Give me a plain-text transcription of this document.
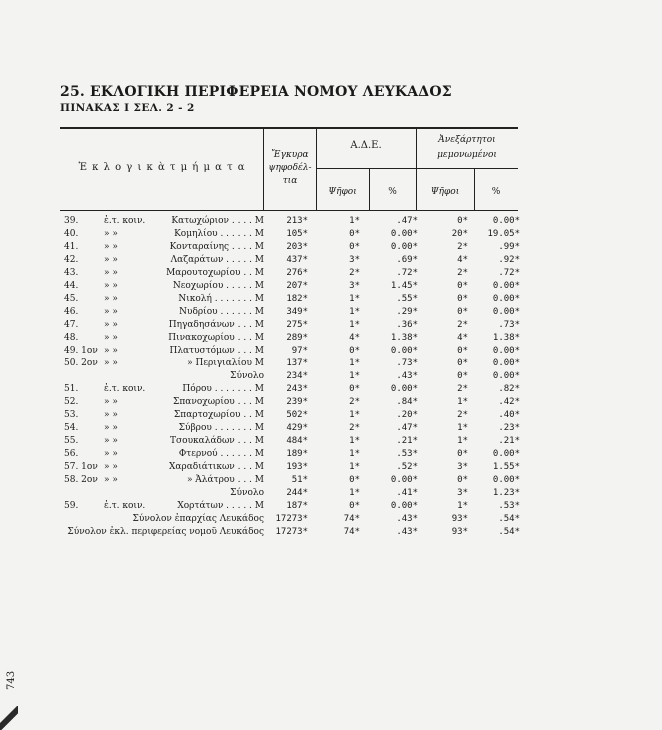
25. ΕΚΛΟΓΙΚΗ ΠΕΡΙΦΕΡΕΙΑ ΝΟΜΟΥ ΛΕΥΚΑΔΟΣ
ΠΙΝΑΚΑΣ Ι ΣΕΛ. 2 - 2
Ἐ κ λ ο γ ι κ ὰ τ μ ή μ α τ α
Ἔγκυρα
ψηφοδέλ-
τια
Α.Δ.Ε.	Ἀνεξάρτητοι
μεμονωμένοι
Ψῆφοι	%	Ψῆφοι	%
39.	ἐ.τ. κοιν.	Κατωχώριον . . . . Μ	213*	1*	.47*	0*	0.00*
40.	» »	Κομηλίου . . . . . . Μ	105*	0*	0.00*	20*	19.05*
41.	» »	Κονταραίνης . . . . Μ	203*	0*	0.00*	2*	.99*
42.	» »	Λαζαράτων . . . . . Μ	437*	3*	.69*	4*	.92*
43.	» »	Μαρουτοχωρίου . . Μ	276*	2*	.72*	2*	.72*
44.	» »	Νεοχωρίου . . . . . Μ	207*	3*	1.45*	0*	0.00*
45.	» »	Νικολή . . . . . . . Μ	182*	1*	.55*	0*	0.00*
46.	» »	Νυδρίου . . . . . . Μ	349*	1*	.29*	0*	0.00*
47.	» »	Πηγαδησάνων . . . Μ	275*	1*	.36*	2*	.73*
48.	» »	Πινακοχωρίου . . . Μ	289*	4*	1.38*	4*	1.38*
49. 1ον » »	Πλατυστόμων . . . Μ	97*	0*	0.00*	0*	0.00*
50. 2ον » »	» Περιγιαλίου Μ	137*	1*	.73*	0*	0.00*
Σύνολο	234*	1*	.43*	0*	0.00*
51.	ἐ.τ. κοιν.	Πόρου . . . . . . . Μ	243*	0*	0.00*	2*	.82*
52.	» »	Σπανοχωρίου . . . Μ	239*	2*	.84*	1*	.42*
53.	» »	Σπαρτοχωρίου . . Μ	502*	1*	.20*	2*	.40*
54.	» »	Σύβρου . . . . . . . Μ	429*	2*	.47*	1*	.23*
55.	» »	Τσουκαλάδων . . . Μ	484*	1*	.21*	1*	.21*
56.	» »	Φτερνού . . . . . . Μ	189*	1*	.53*	0*	0.00*
57. 1ον » »	Χαραδιάτικων . . . Μ	193*	1*	.52*	3*	1.55*
58. 2ον » »	» Ἀλάτρου . . . Μ	51*	0*	0.00*	0*	0.00*
Σύνολο	244*	1*	.41*	3*	1.23*
59.	ἐ.τ. κοιν.	Χορτάτων . . . . . Μ	187*	0*	0.00*	1*	.53*
Σύνολον ἐπαρχίας Λευκάδος	17273*	74*	.43*	93*	.54*
Σύνολον ἐκλ. περιφερείας νομοῦ Λευκάδος	17273*	74*	.43*	93*	.54*
743
